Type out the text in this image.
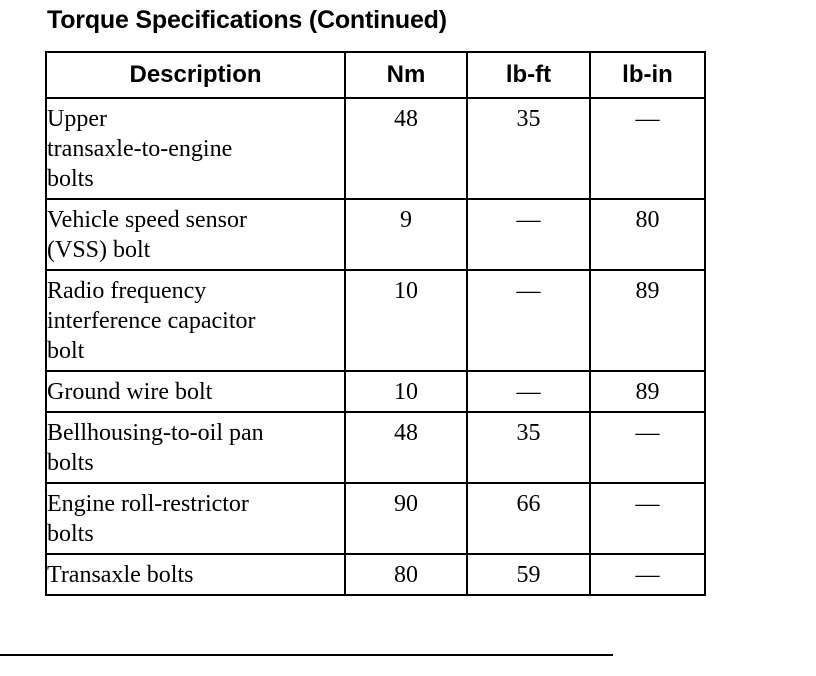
Torque Specifications (Continued)
Description	Nm	lb-ft	lb-in

Upper
transaxle-to-engine
bolts	48	35	—

Vehicle speed sensor
(VSS) bolt	9	—	80

Radio frequency
interference capacitor
bolt	10	—	89

Ground wire bolt	10	—	89

Bellhousing-to-oil pan
bolts	48	35	—

Engine roll-restrictor
bolts	90	66	—

Transaxle bolts	80	59	—
